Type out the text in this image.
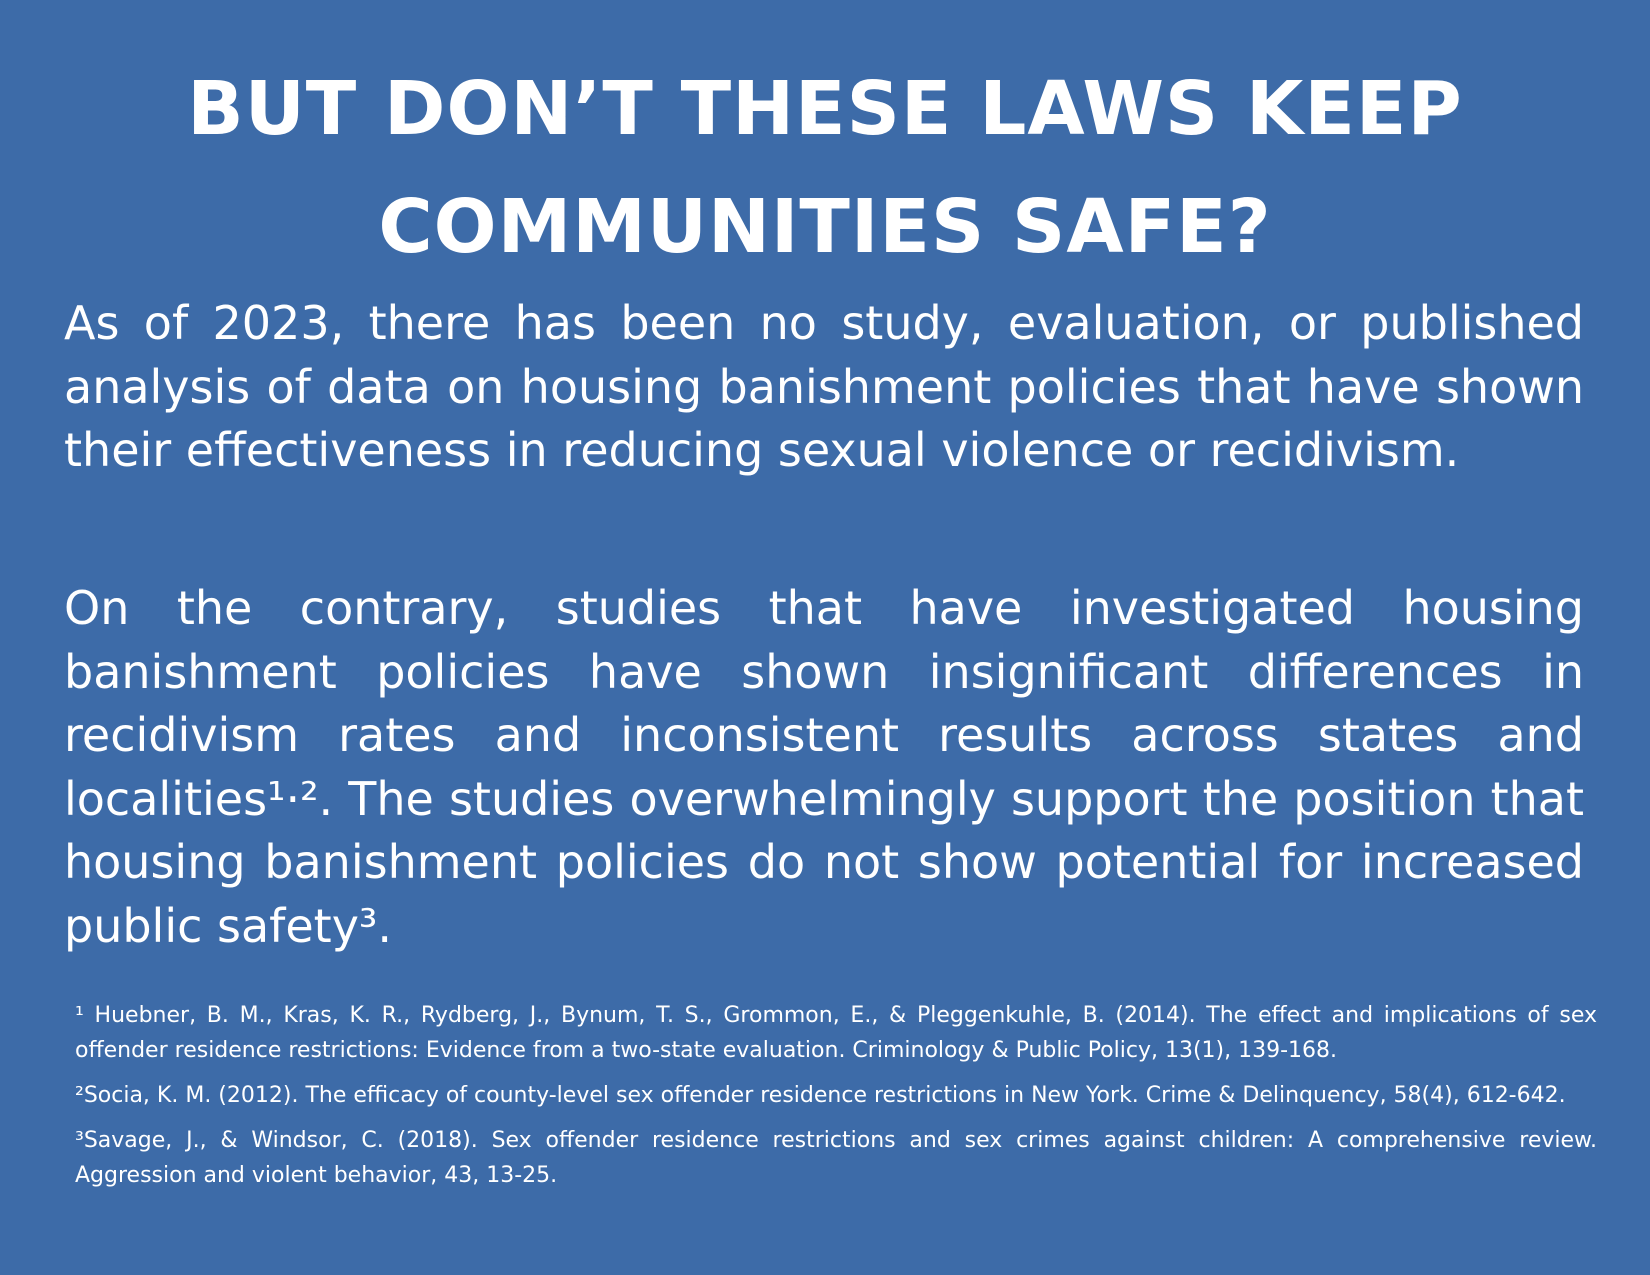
BUT DON’T THESE LAWS KEEP
COMMUNITIES SAFE?

As of 2023, there has been no study, evaluation, or published analysis of data on housing banishment policies that have shown their effectiveness in reducing sexual violence or recidivism.

On the contrary, studies that have investigated housing banishment policies have shown insignificant differences in recidivism rates and inconsistent results across states and localities¹·². The studies overwhelmingly support the position that housing banishment policies do not show potential for increased public safety³.

¹ Huebner, B. M., Kras, K. R., Rydberg, J., Bynum, T. S., Grommon, E., & Pleggenkuhle, B. (2014). The effect and implications of sex offender residence restrictions: Evidence from a two-state evaluation. Criminology & Public Policy, 13(1), 139-168.

²Socia, K. M. (2012). The efficacy of county-level sex offender residence restrictions in New York. Crime & Delinquency, 58(4), 612-642.

³Savage, J., & Windsor, C. (2018). Sex offender residence restrictions and sex crimes against children: A comprehensive review. Aggression and violent behavior, 43, 13-25.
